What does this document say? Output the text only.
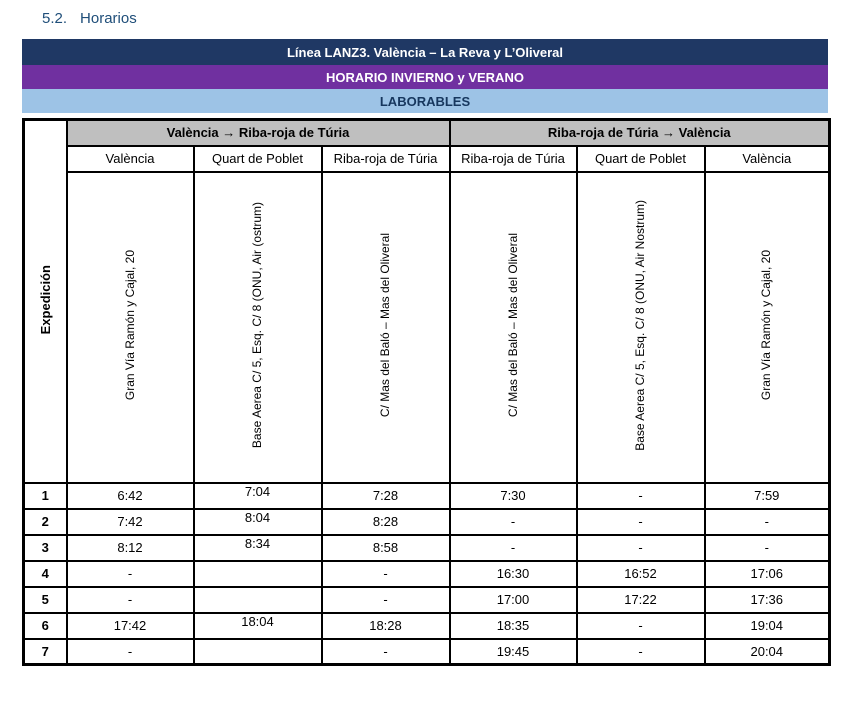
5.2. Horarios
Línea LANZ3. València – La Reva y L’Oliveral
HORARIO INVIERNO y VERANO
LABORABLES
Expedición	València → Riba-roja de Túria			Riba-roja de Túria → València		
	València	Quart de Poblet	Riba-roja de Túria	Riba-roja de Túria	Quart de Poblet	València
	Gran Vía Ramón y Cajal, 20	Base Aerea C/ 5, Esq. C/ 8 (ONU, Air (ostrum)	C/ Mas del Baló – Mas del Oliveral	C/ Mas del Baló – Mas del Oliveral	Base Aerea C/ 5, Esq. C/ 8 (ONU, Air Nostrum)	Gran Vía Ramón y Cajal, 20
1	6:42	7:04	7:28	7:30	-	7:59
2	7:42	8:04	8:28	-	-	-
3	8:12	8:34	8:58	-	-	-
4	-		-	16:30	16:52	17:06
5	-		-	17:00	17:22	17:36
6	17:42	18:04	18:28	18:35	-	19:04
7	-		-	19:45	-	20:04
